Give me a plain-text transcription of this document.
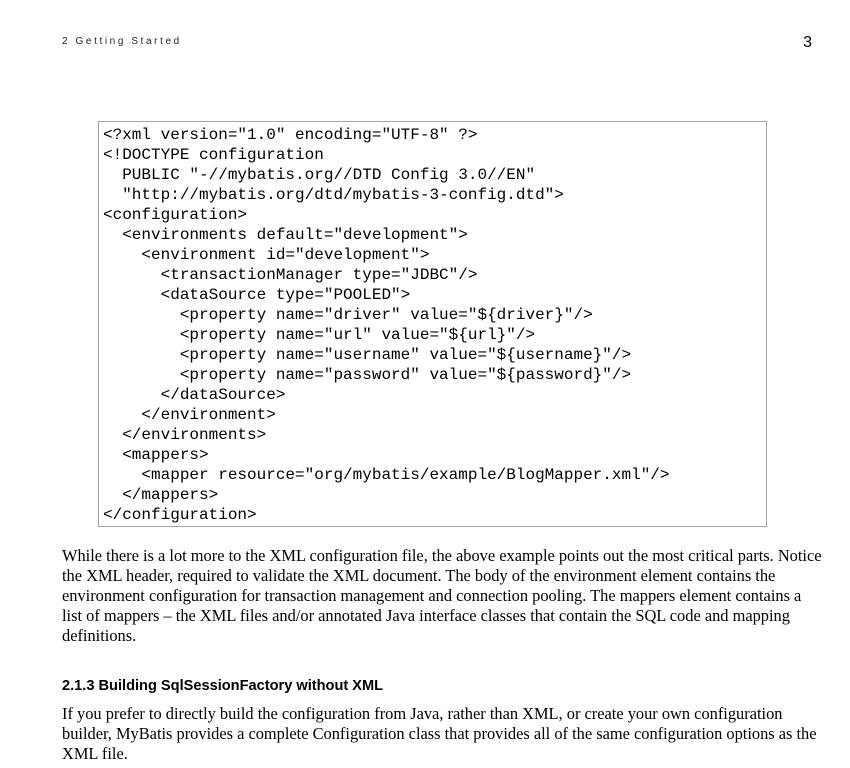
2 Getting Started	3
<?xml version="1.0" encoding="UTF-8" ?>
<!DOCTYPE configuration
PUBLIC "-//mybatis.org//DTD Config 3.0//EN"
"http://mybatis.org/dtd/mybatis-3-config.dtd">
<configuration>
<environments default="development">
<environment id="development">
<transactionManager type="JDBC"/>
<dataSource type="POOLED">
<property name="driver" value="${driver}"/>
<property name="url" value="${url}"/>
<property name="username" value="${username}"/>
<property name="password" value="${password}"/>
</dataSource>
</environment>
</environments>
<mappers>
<mapper resource="org/mybatis/example/BlogMapper.xml"/>
</mappers>
</configuration>

While there is a lot more to the XML configuration file, the above example points out the most critical parts. Notice the XML header, required to validate the XML document. The body of the environment element contains the environment configuration for transaction management and connection pooling. The mappers element contains a list of mappers – the XML files and/or annotated Java interface classes that contain the SQL code and mapping definitions.

2.1.3 Building SqlSessionFactory without XML

If you prefer to directly build the configuration from Java, rather than XML, or create your own configuration builder, MyBatis provides a complete Configuration class that provides all of the same configuration options as the XML file.
